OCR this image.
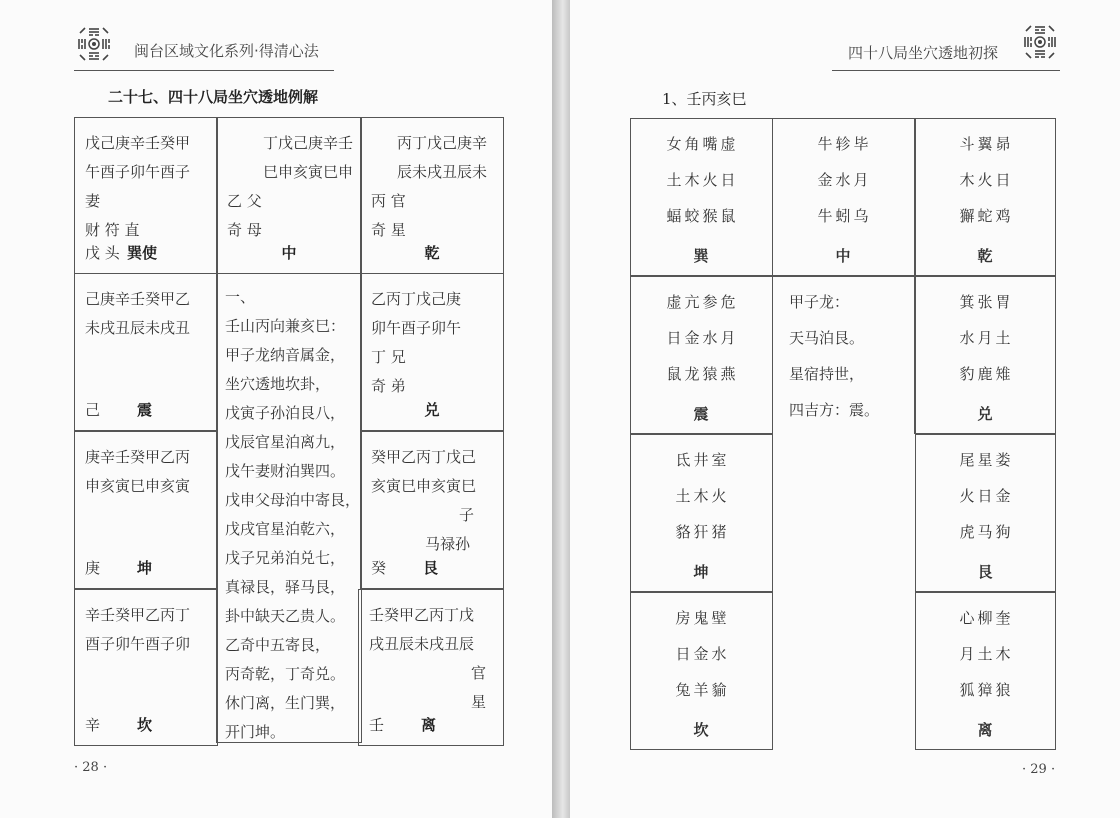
闽台区域文化系列·得清心法
二十七、四十八局坐穴透地例解
戊己庚辛壬癸甲
午酉子卯午酉子
妻
财 符 直
戊 头 巽使
丁戊己庚辛壬
巳申亥寅巳申
乙 父
奇 母
中
丙丁戊己庚辛
辰未戌丑辰未
丙 官
奇 星
乾
己庚辛壬癸甲乙
未戌丑辰未戌丑
己 震
一、
壬山丙向兼亥巳：
甲子龙纳音属金，
坐穴透地坎卦，
戊寅子孙泊艮八，
戊辰官星泊离九，
戊午妻财泊巽四。
戊申父母泊中寄艮，
戊戌官星泊乾六，
戊子兄弟泊兑七，
真禄艮，驿马艮，
卦中缺天乙贵人。
乙奇中五寄艮，
丙奇乾，丁奇兑。
休门离，生门巽，
开门坤。
乙丙丁戊己庚
卯午酉子卯午
丁 兄
奇 弟
兑
庚辛壬癸甲乙丙
申亥寅巳申亥寅
庚 坤
癸甲乙丙丁戊己
亥寅巳申亥寅巳
子
马禄孙
癸 艮
辛壬癸甲乙丙丁
酉子卯午酉子卯
辛 坎
壬癸甲乙丙丁戊
戌丑辰未戌丑辰
官
星
壬 离
· 28 ·
四十八局坐穴透地初探
1、壬丙亥巳
女角嘴虚
土木火日
蝠蛟猴鼠
巽
牛轸毕
金水月
牛蚓乌
中
斗翼昴
木火日
獬蛇鸡
乾
虚亢参危
日金水月
鼠龙猿燕
震
甲子龙：
天马泊艮。
星宿持世，
四吉方：震。
箕张胃
水月土
豹鹿雉
兑
氐井室
土木火
貉犴猪
坤
尾星娄
火日金
虎马狗
艮
房鬼壁
日金水
兔羊貐
坎
心柳奎
月土木
狐獐狼
离
· 29 ·
